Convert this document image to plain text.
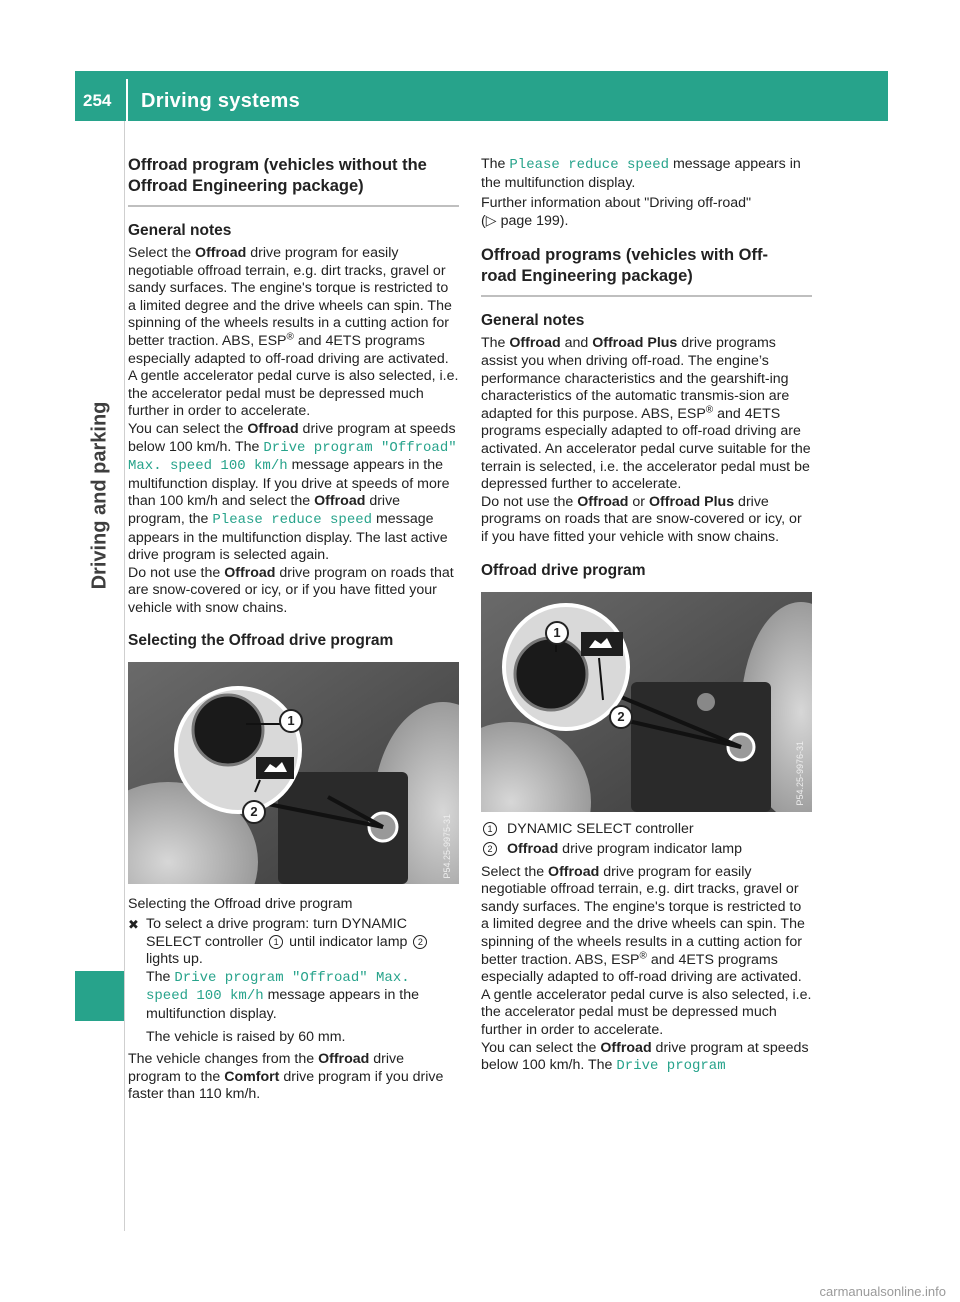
254 Driving systems
Driving and parking
Offroad program (vehicles without the
Offroad Engineering package)
General notes

Select the Offroad drive program for easily negotiable offroad terrain, e.g. dirt tracks, gravel or sandy surfaces. The engine's torque is restricted to a limited degree and the drive wheels can spin. The spinning of the wheels results in a cutting action for better traction. ABS, ESP® and 4ETS programs especially adapted to off-road driving are activated. A gentle accelerator pedal curve is also selected, i.e. the accelerator pedal must be depressed much further in order to accelerate.

You can select the Offroad drive program at speeds below 100 km/h. The Drive program "Offroad" Max. speed 100 km/h message appears in the multifunction display. If you drive at speeds of more than 100 km/h and select the Offroad drive program, the Please reduce speed message appears in the multifunction display. The last active drive program is selected again.

Do not use the Offroad drive program on roads that are snow-covered or icy, or if you have fitted your vehicle with snow chains.

Selecting the Offroad drive program
1
2
P54.25-9975-31

Selecting the Offroad drive program

✖ To select a drive program: turn DYNAMIC SELECT controller 1 until indicator lamp 2 lights up.
The Drive program "Offroad" Max. speed 100 km/h message appears in the multifunction display.

The vehicle is raised by 60 mm.

The vehicle changes from the Offroad drive program to the Comfort drive program if you drive faster than 110 km/h.

The Please reduce speed message appears in the multifunction display.

Further information about "Driving off-road"
(▷ page 199).

Offroad programs (vehicles with Off-
road Engineering package)
General notes

The Offroad and Offroad Plus drive programs assist you when driving off-road. The engine’s performance characteristics and the gearshift-ing characteristics of the automatic transmis-sion are adapted for this purpose. ABS, ESP® and 4ETS programs especially adapted to off-road driving are activated. An accelerator pedal curve suitable for the terrain is selected, i.e. the accelerator pedal must be depressed further to accelerate.

Do not use the Offroad or Offroad Plus drive programs on roads that are snow-covered or icy, or if you have fitted your vehicle with snow chains.

Offroad drive program
1
2
P54.25-9976-31
1	DYNAMIC SELECT controller
2	Offroad drive program indicator lamp

Select the Offroad drive program for easily negotiable offroad terrain, e.g. dirt tracks, gravel or sandy surfaces. The engine's torque is restricted to a limited degree and the drive wheels can spin. The spinning of the wheels results in a cutting action for better traction. ABS, ESP® and 4ETS programs especially adapted to off-road driving are activated. A gentle accelerator pedal curve is also selected, i.e. the accelerator pedal must be depressed much further in order to accelerate.

You can select the Offroad drive program at speeds below 100 km/h. The Drive program

carmanualsonline.info
